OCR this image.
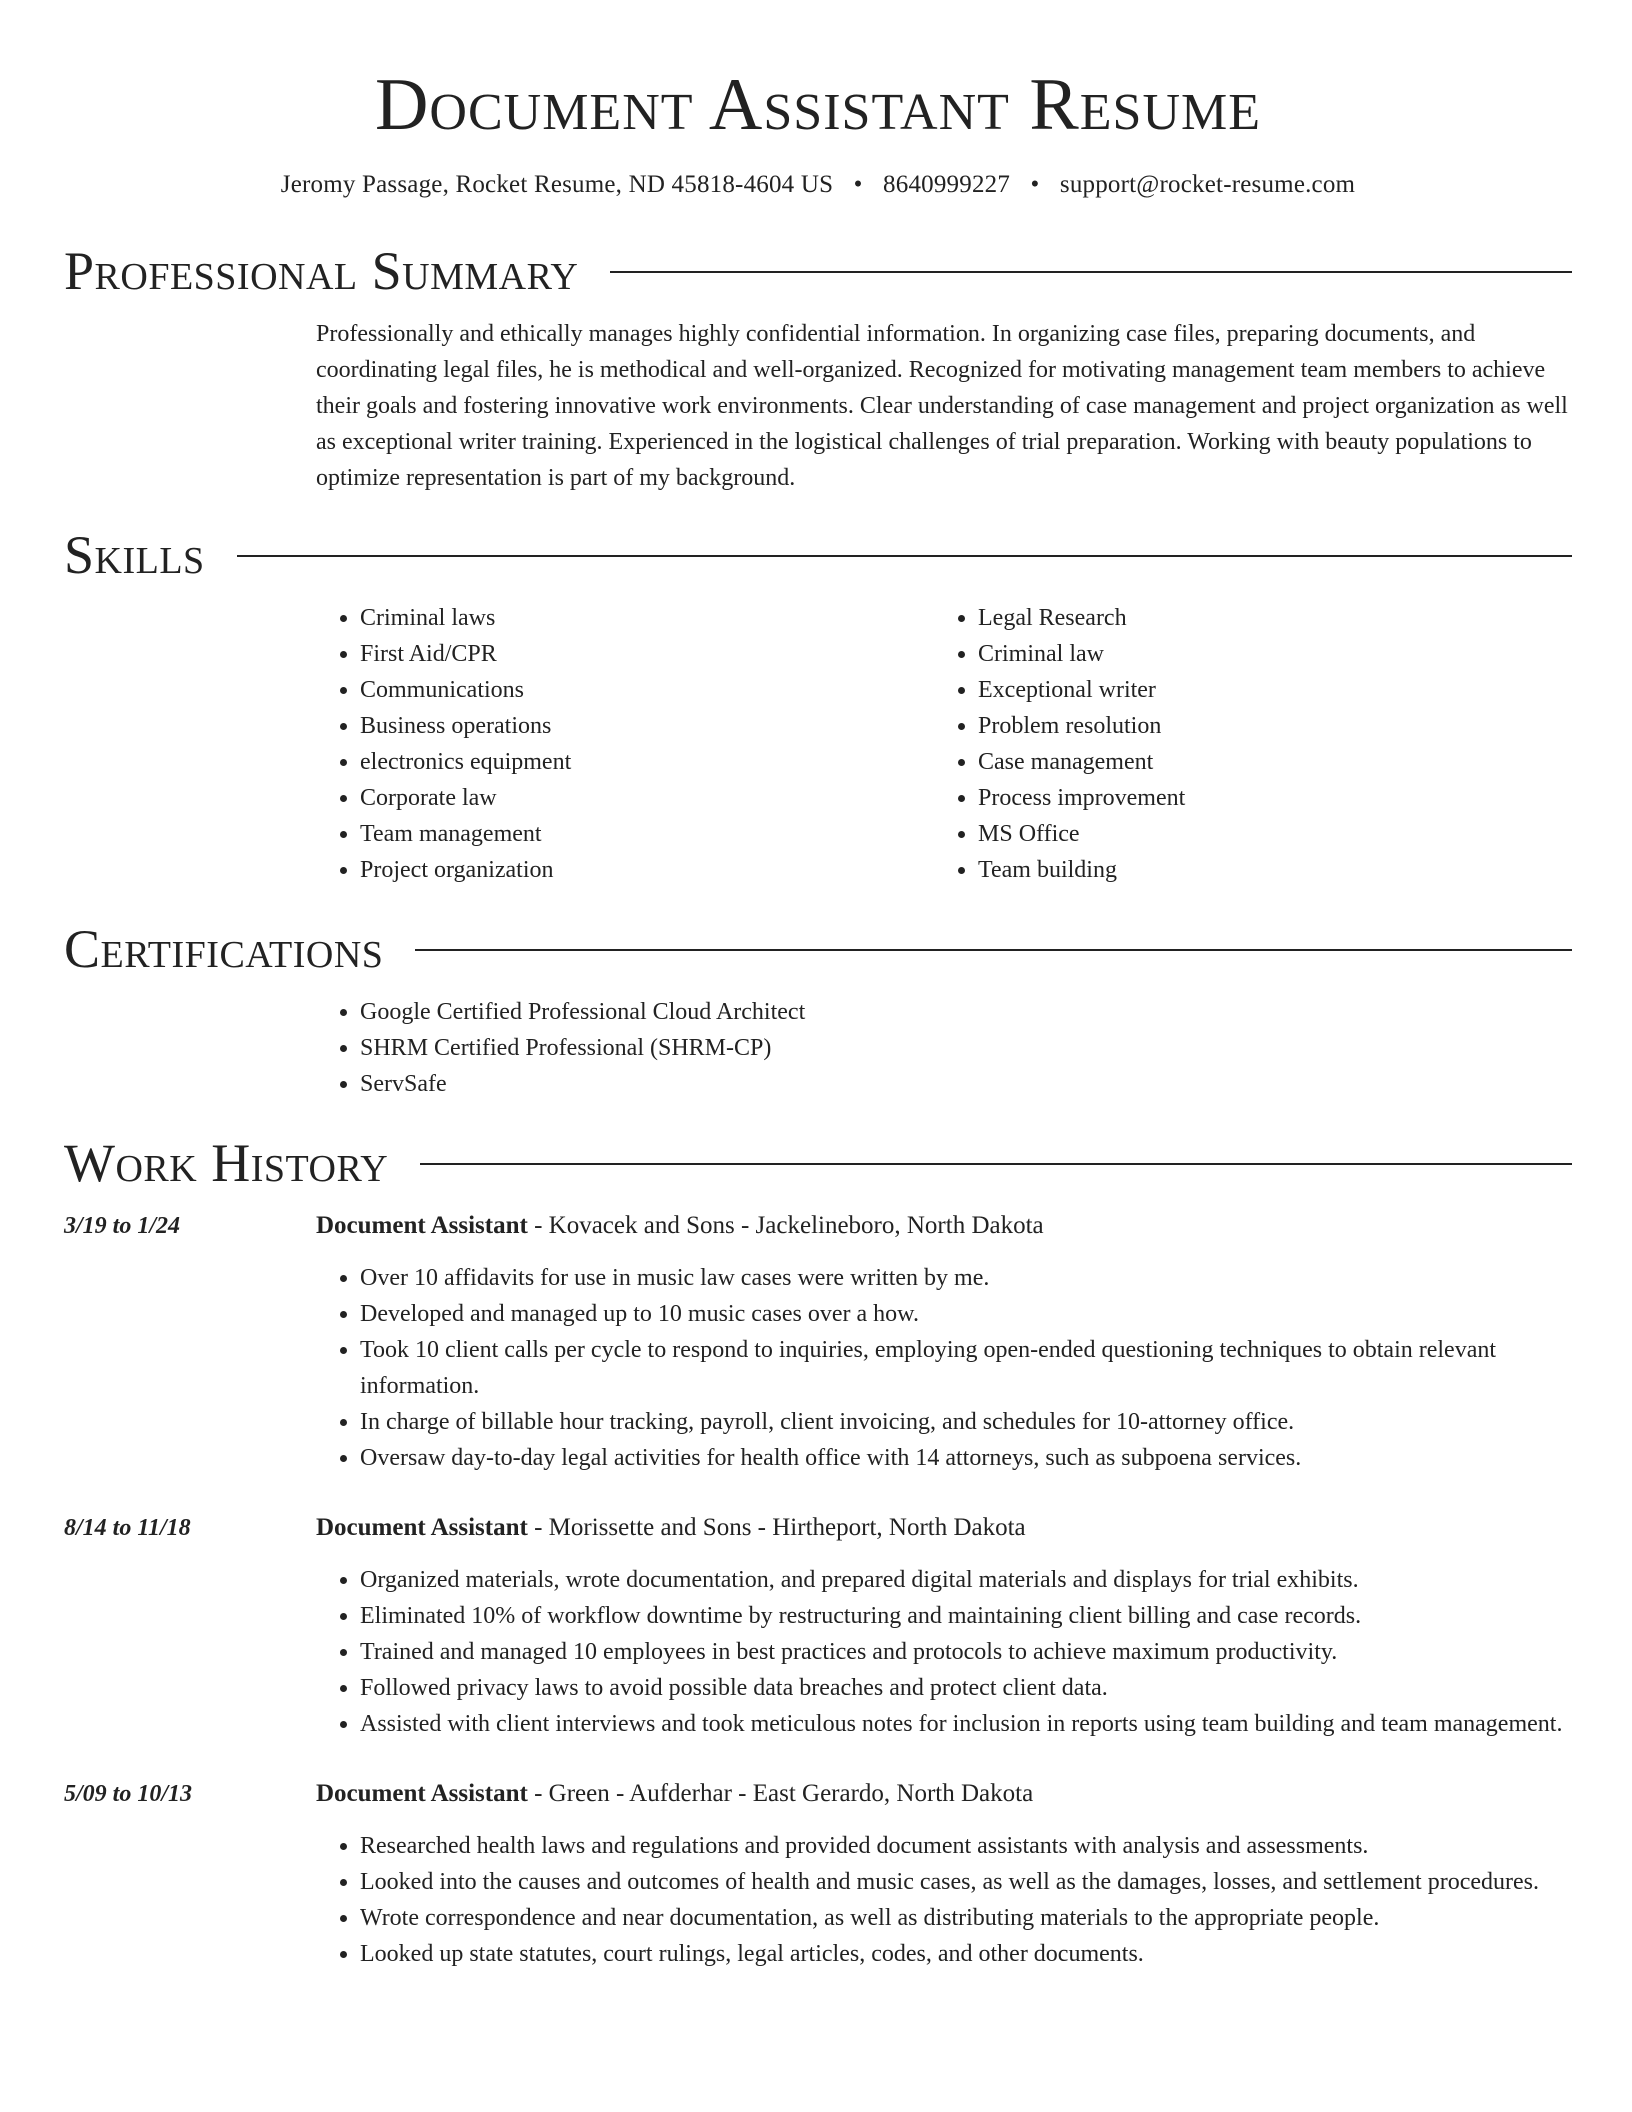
Document Assistant Resume
Jeromy Passage, Rocket Resume, ND 45818-4604 US • 8640999227 • support@rocket-resume.com
Professional Summary

Professionally and ethically manages highly confidential information. In organizing case files, preparing documents, and coordinating legal files, he is methodical and well-organized. Recognized for motivating management team members to achieve their goals and fostering innovative work environments. Clear understanding of case management and project organization as well as exceptional writer training. Experienced in the logistical challenges of trial preparation. Working with beauty populations to optimize representation is part of my background.

Skills
• Criminal laws
• First Aid/CPR
• Communications
• Business operations
• electronics equipment
• Corporate law
• Team management
• Project organization
• Legal Research
• Criminal law
• Exceptional writer
• Problem resolution
• Case management
• Process improvement
• MS Office
• Team building
Certifications
• Google Certified Professional Cloud Architect
• SHRM Certified Professional (SHRM-CP)
• ServSafe
Work History
3/19 to 1/24	Document Assistant - Kovacek and Sons - Jackelineboro, North Dakota
• Over 10 affidavits for use in music law cases were written by me.
• Developed and managed up to 10 music cases over a how.
• Took 10 client calls per cycle to respond to inquiries, employing open-ended questioning techniques to obtain relevant information.
• In charge of billable hour tracking, payroll, client invoicing, and schedules for 10-attorney office.
• Oversaw day-to-day legal activities for health office with 14 attorneys, such as subpoena services.
8/14 to 11/18	Document Assistant - Morissette and Sons - Hirtheport, North Dakota
• Organized materials, wrote documentation, and prepared digital materials and displays for trial exhibits.
• Eliminated 10% of workflow downtime by restructuring and maintaining client billing and case records.
• Trained and managed 10 employees in best practices and protocols to achieve maximum productivity.
• Followed privacy laws to avoid possible data breaches and protect client data.
• Assisted with client interviews and took meticulous notes for inclusion in reports using team building and team management.
5/09 to 10/13	Document Assistant - Green - Aufderhar - East Gerardo, North Dakota
• Researched health laws and regulations and provided document assistants with analysis and assessments.
• Looked into the causes and outcomes of health and music cases, as well as the damages, losses, and settlement procedures.
• Wrote correspondence and near documentation, as well as distributing materials to the appropriate people.
• Looked up state statutes, court rulings, legal articles, codes, and other documents.
